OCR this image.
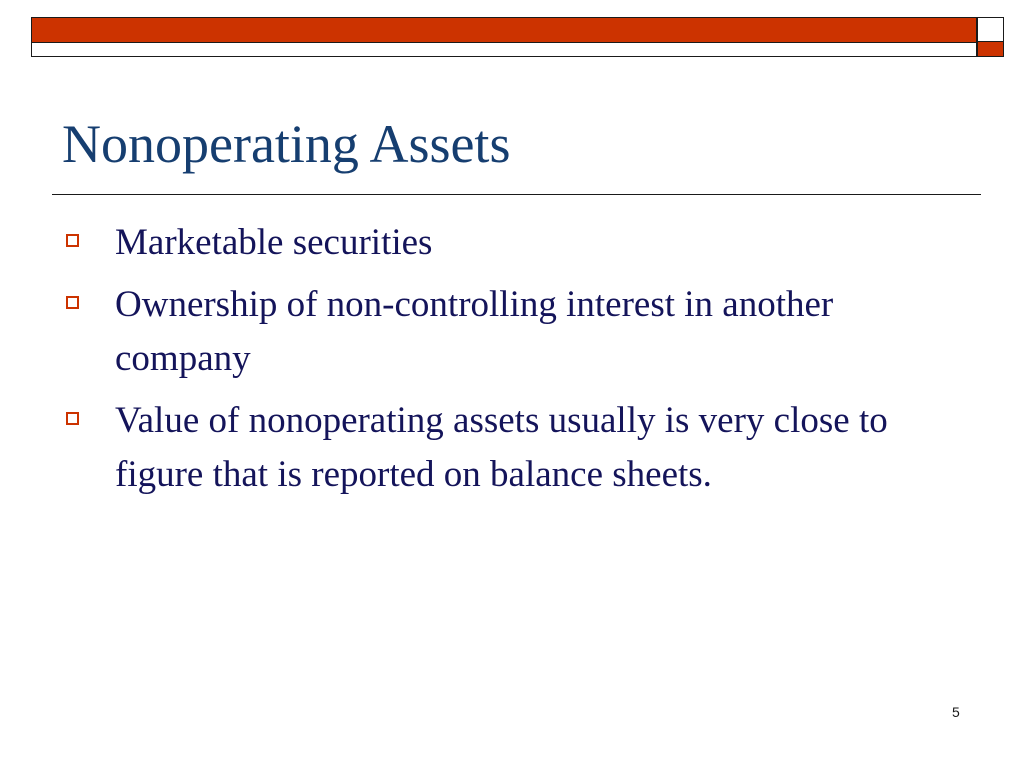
Nonoperating Assets
Marketable securities
Ownership of non-controlling interest in another company
Value of nonoperating assets usually is very close to figure that is reported on balance sheets.
5
